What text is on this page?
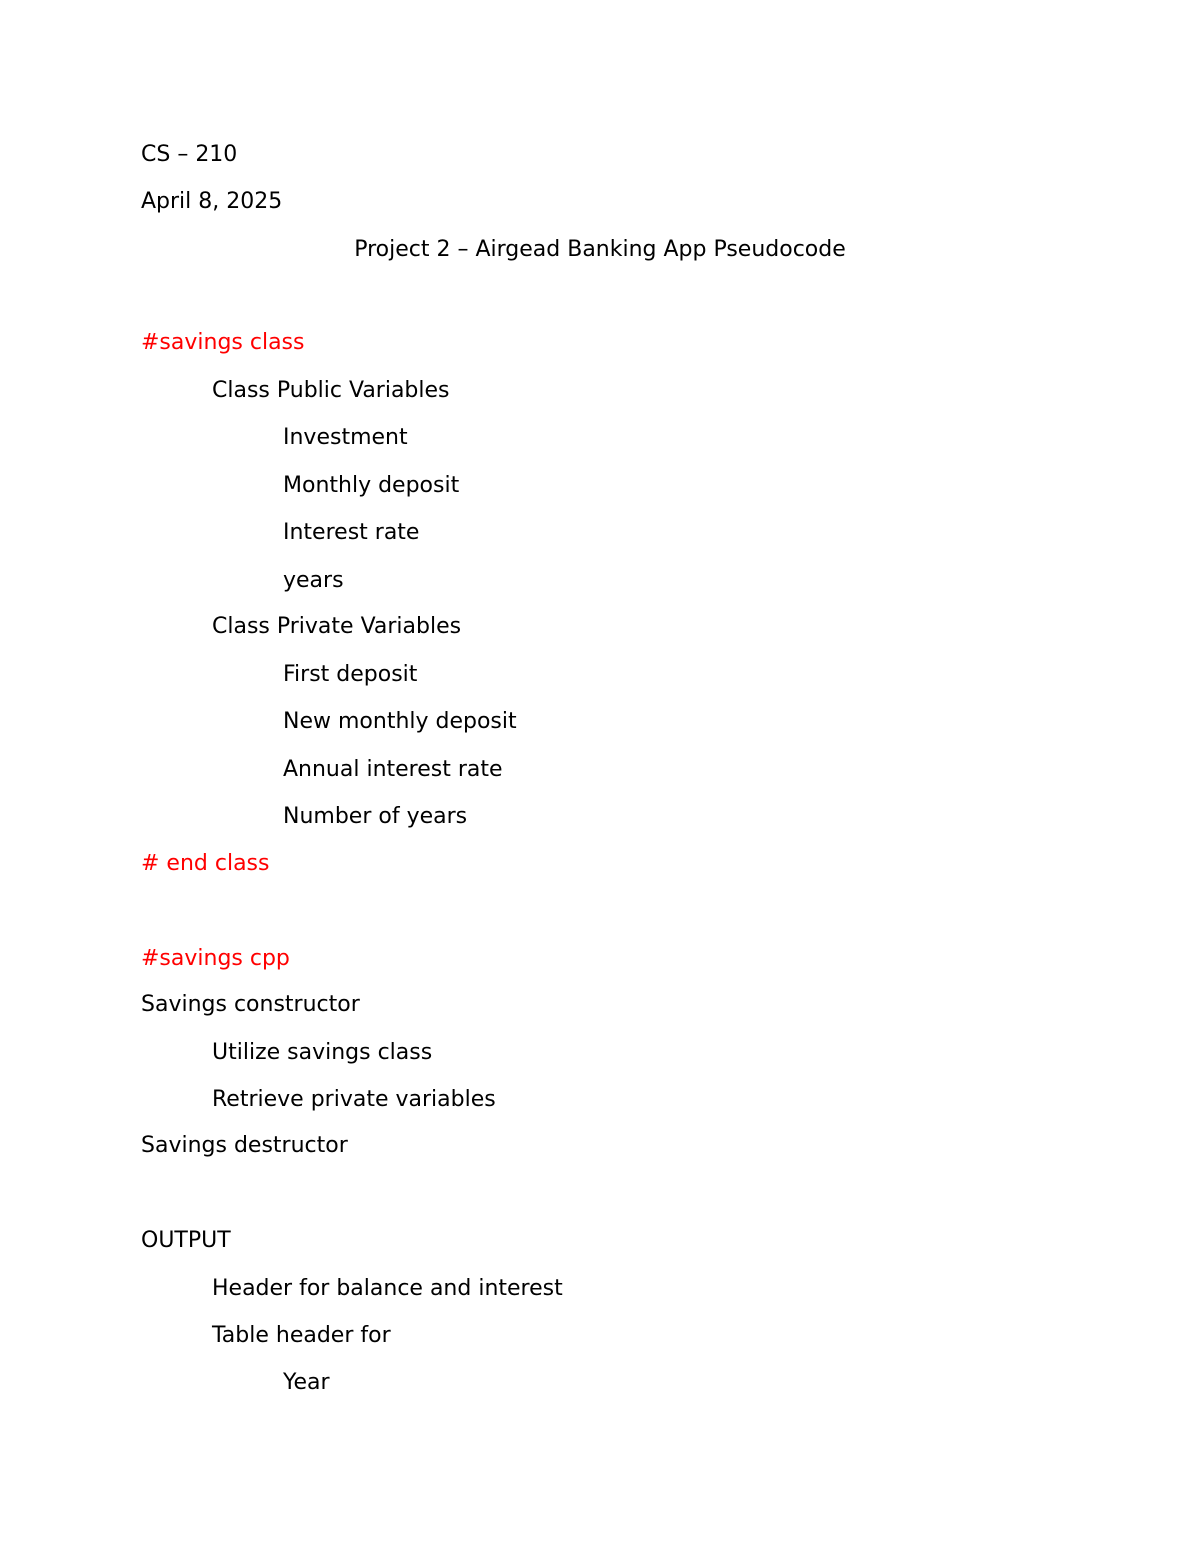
CS – 210
April 8, 2025
Project 2 – Airgead Banking App Pseudocode
#savings class
Class Public Variables
Investment
Monthly deposit
Interest rate
years
Class Private Variables
First deposit
New monthly deposit
Annual interest rate
Number of years
# end class
#savings cpp
Savings constructor
Utilize savings class
Retrieve private variables
Savings destructor
OUTPUT
Header for balance and interest
Table header for
Year
